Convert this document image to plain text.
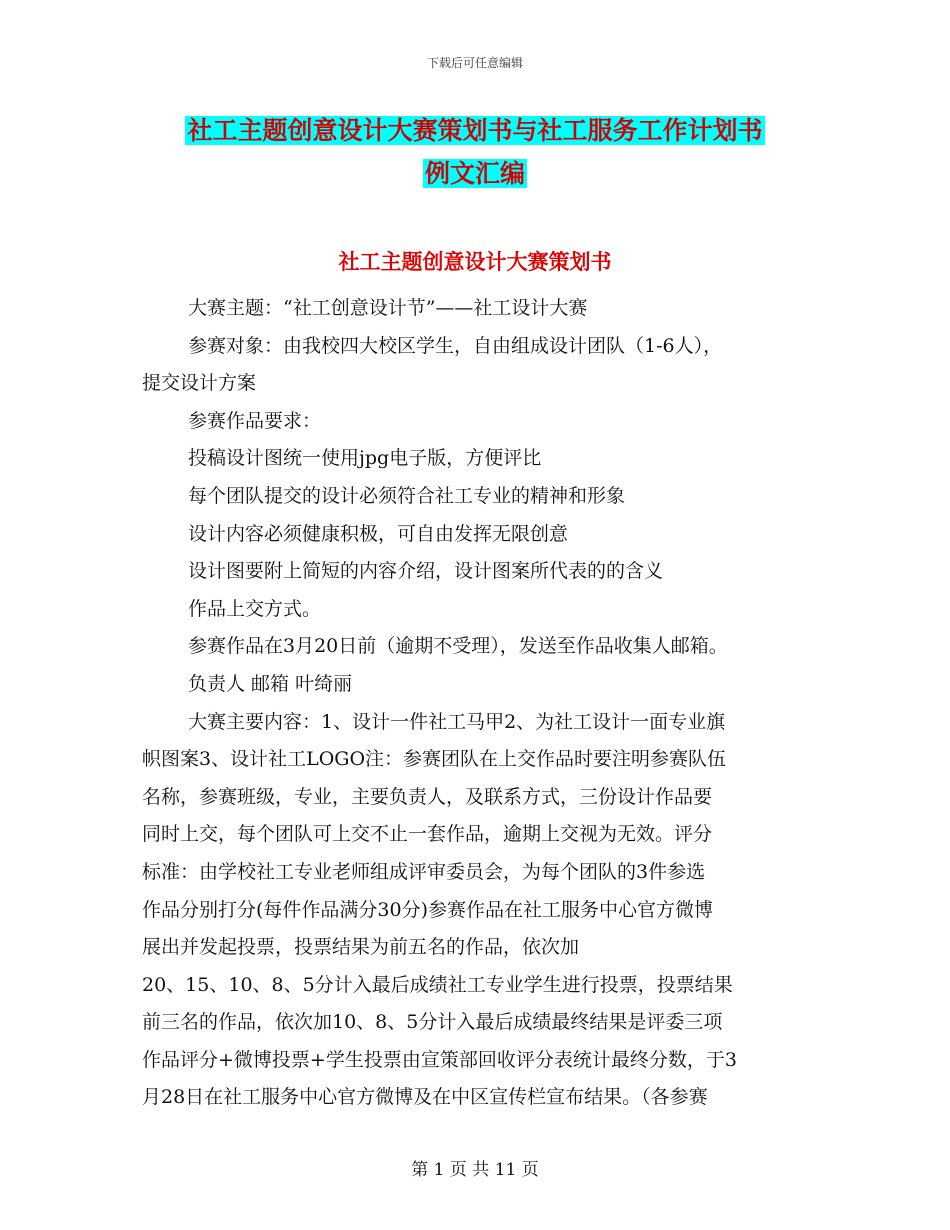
下载后可任意编辑
社工主题创意设计大赛策划书与社工服务工作计划书
例文汇编
社工主题创意设计大赛策划书

大赛主题：“社工创意设计节”——社工设计大赛

参赛对象：由我校四大校区学生，自由组成设计团队（1-6人），

提交设计方案

参赛作品要求：

投稿设计图统一使用jpg电子版，方便评比

每个团队提交的设计必须符合社工专业的精神和形象

设计内容必须健康积极，可自由发挥无限创意

设计图要附上简短的内容介绍，设计图案所代表的的含义

作品上交方式。

参赛作品在3月20日前（逾期不受理），发送至作品收集人邮箱。

负责人 邮箱 叶绮丽

大赛主要内容：1、设计一件社工马甲2、为社工设计一面专业旗

帜图案3、设计社工LOGO注：参赛团队在上交作品时要注明参赛队伍

名称，参赛班级，专业，主要负责人，及联系方式，三份设计作品要

同时上交，每个团队可上交不止一套作品，逾期上交视为无效。评分

标准：由学校社工专业老师组成评审委员会，为每个团队的3件参选

作品分别打分(每件作品满分30分)参赛作品在社工服务中心官方微博

展出并发起投票，投票结果为前五名的作品，依次加

20、15、10、8、5分计入最后成绩社工专业学生进行投票，投票结果

前三名的作品，依次加10、8、5分计入最后成绩最终结果是评委三项

作品评分+微博投票+学生投票由宣策部回收评分表统计最终分数，于3

月28日在社工服务中心官方微博及在中区宣传栏宣布结果。（各参赛

第 1 页 共 11 页
